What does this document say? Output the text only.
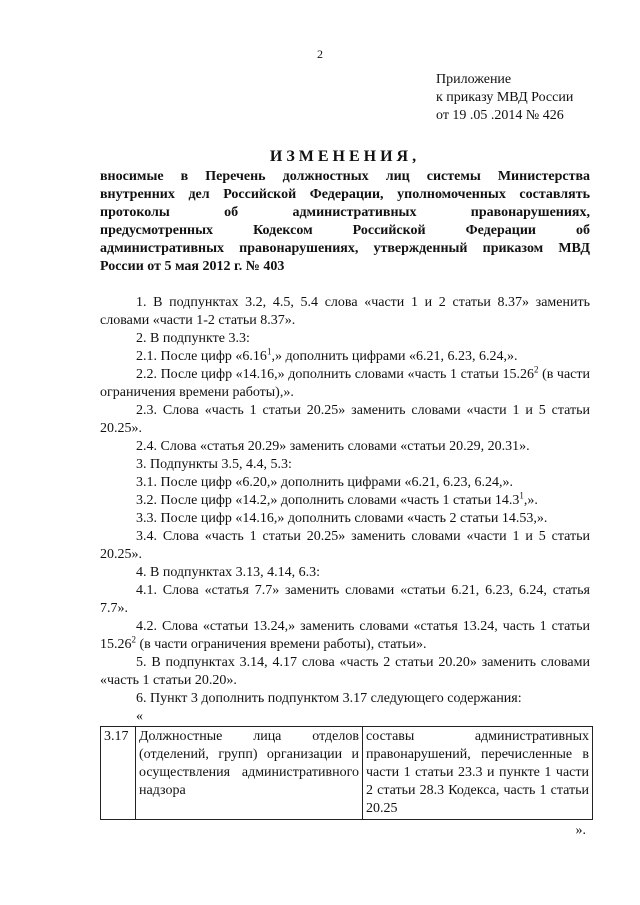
2
Приложение
к приказу МВД России
от 19 .05 .2014 № 426
ИЗМЕНЕНИЯ,
вносимые в Перечень должностных лиц системы Министерства
внутренних дел Российской Федерации, уполномоченных составлять
протоколы об административных правонарушениях,
предусмотренных Кодексом Российской Федерации об
административных правонарушениях, утвержденный приказом МВД
России от 5 мая 2012 г. № 403
1. В подпунктах 3.2, 4.5, 5.4 слова «части 1 и 2 статьи 8.37» заменить словами «части 1-2 статьи 8.37».
2. В подпункте 3.3:
2.1. После цифр «6.16$^1$,» дополнить цифрами «6.21, 6.23, 6.24,».
2.2. После цифр «14.16,» дополнить словами «часть 1 статьи 15.26$^2$ (в части ограничения времени работы),».
2.3. Слова «часть 1 статьи 20.25» заменить словами «части 1 и 5 статьи 20.25».
2.4. Слова «статья 20.29» заменить словами «статьи 20.29, 20.31».
3. Подпункты 3.5, 4.4, 5.3:
3.1. После цифр «6.20,» дополнить цифрами «6.21, 6.23, 6.24,».
3.2. После цифр «14.2,» дополнить словами «часть 1 статьи 14.3$^1$,».
3.3. После цифр «14.16,» дополнить словами «часть 2 статьи 14.53,».
3.4. Слова «часть 1 статьи 20.25» заменить словами «части 1 и 5 статьи 20.25».
4. В подпунктах 3.13, 4.14, 6.3:
4.1. Слова «статья 7.7» заменить словами «статьи 6.21, 6.23, 6.24, статья 7.7».
4.2. Слова «статьи 13.24,» заменить словами «статья 13.24, часть 1 статьи 15.26$^2$ (в части ограничения времени работы), статьи».
5. В подпунктах 3.14, 4.17 слова «часть 2 статьи 20.20» заменить словами «часть 1 статьи 20.20».
6. Пункт 3 дополнить подпунктом 3.17 следующего содержания:
«
3.17	Должностные лица отделов (отделений, групп) организации и осуществления административного надзора	составы административных правонарушений, перечисленные в части 1 статьи 23.3 и пункте 1 части 2 статьи 28.3 Кодекса, часть 1 статьи 20.25
».
